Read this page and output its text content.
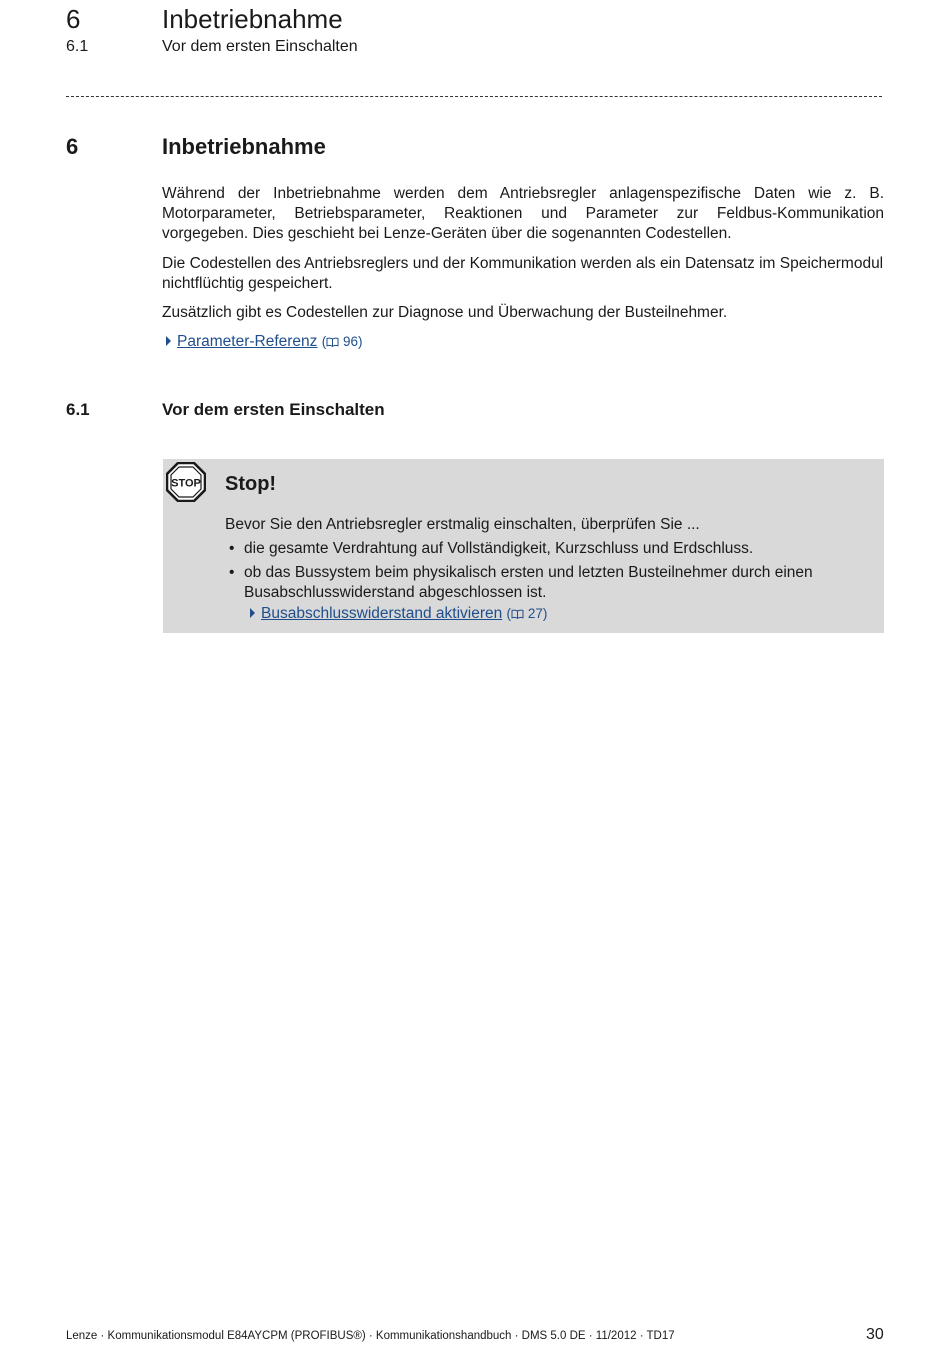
6	Inbetriebnahme
6.1	Vor dem ersten Einschalten
6	Inbetriebnahme

Während der Inbetriebnahme werden dem Antriebsregler anlagenspezifische Daten wie z. B. Motorparameter, Betriebsparameter, Reaktionen und Parameter zur Feldbus-Kommunikation vorgegeben. Dies geschieht bei Lenze-Geräten über die sogenannten Codestellen.

Die Codestellen des Antriebsreglers und der Kommunikation werden als ein Datensatz im Speichermodul nichtflüchtig gespeichert.

Zusätzlich gibt es Codestellen zur Diagnose und Überwachung der Busteilnehmer.

Parameter-Referenz ( 96)
6.1	Vor dem ersten Einschalten
STOP Stop!

Bevor Sie den Antriebsregler erstmalig einschalten, überprüfen Sie ...

• die gesamte Verdrahtung auf Vollständigkeit, Kurzschluss und Erdschluss.
• ob das Bussystem beim physikalisch ersten und letzten Busteilnehmer durch einen Busabschlusswiderstand abgeschlossen ist.
Busabschlusswiderstand aktivieren ( 27)
Lenze · Kommunikationsmodul E84AYCPM (PROFIBUS®) · Kommunikationshandbuch · DMS 5.0 DE · 11/2012 · TD17	30
